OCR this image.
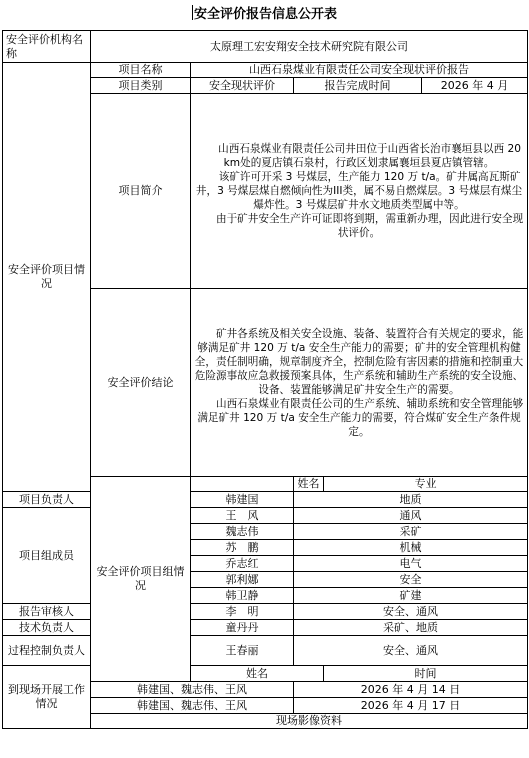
安全评价报告信息公开表
安全评价机构名称	太原理工宏安翔安全技术研究院有限公司				
安全评价项目情况	项目名称	山西石泉煤业有限责任公司安全现状评价报告			
	项目类别	安全现状评价	报告完成时间		2026 年 4 月
	项目简介	山西石泉煤业有限责任公司井田位于山西省长治市襄垣县以西 20 km处的夏店镇石泉村，行政区划隶属襄垣县夏店镇管辖。

该矿许可开采 3 号煤层，生产能力 120 万 t/a。矿井属高瓦斯矿井，3 号煤层煤自燃倾向性为III类，属不易自燃煤层。3 号煤层有煤尘爆炸性。3 号煤层矿井水文地质类型属中等。

由于矿井安全生产许可证即将到期，需重新办理，因此进行安全现状评价。			

	安全评价结论	矿井各系统及相关安全设施、装备、装置符合有关规定的要求，能够满足矿井 120 万 t/a 安全生产能力的需要；矿井的安全管理机构健全，责任制明确，规章制度齐全，控制危险有害因素的措施和控制重大危险源事故应急救援预案具体，生产系统和辅助生产系统的安全设施、设备、装置能够满足矿井安全生产的需要。

山西石泉煤业有限责任公司的生产系统、辅助系统和安全管理能够满足矿井 120 万 t/a 安全生产能力的需要，符合煤矿安全生产条件规定。			

	安全评价项目组情况		姓名	专业	
项目负责人		韩建国	地质		
项目组成员		王　风	通风		
		魏志伟	采矿		
		苏　鹏	机械		
		乔志红	电气		
		郭利娜	安全		
		韩卫静	矿建		
报告审核人		李　明	安全、通风		
技术负责人		童丹丹	采矿、地质		
过程控制负责人		王春丽	安全、通风		
到现场开展工作情况		姓名		时间	
	韩建国、魏志伟、王风		2026 年 4 月 14 日		
	韩建国、魏志伟、王风		2026 年 4 月 17 日		
	现场影像资料				
